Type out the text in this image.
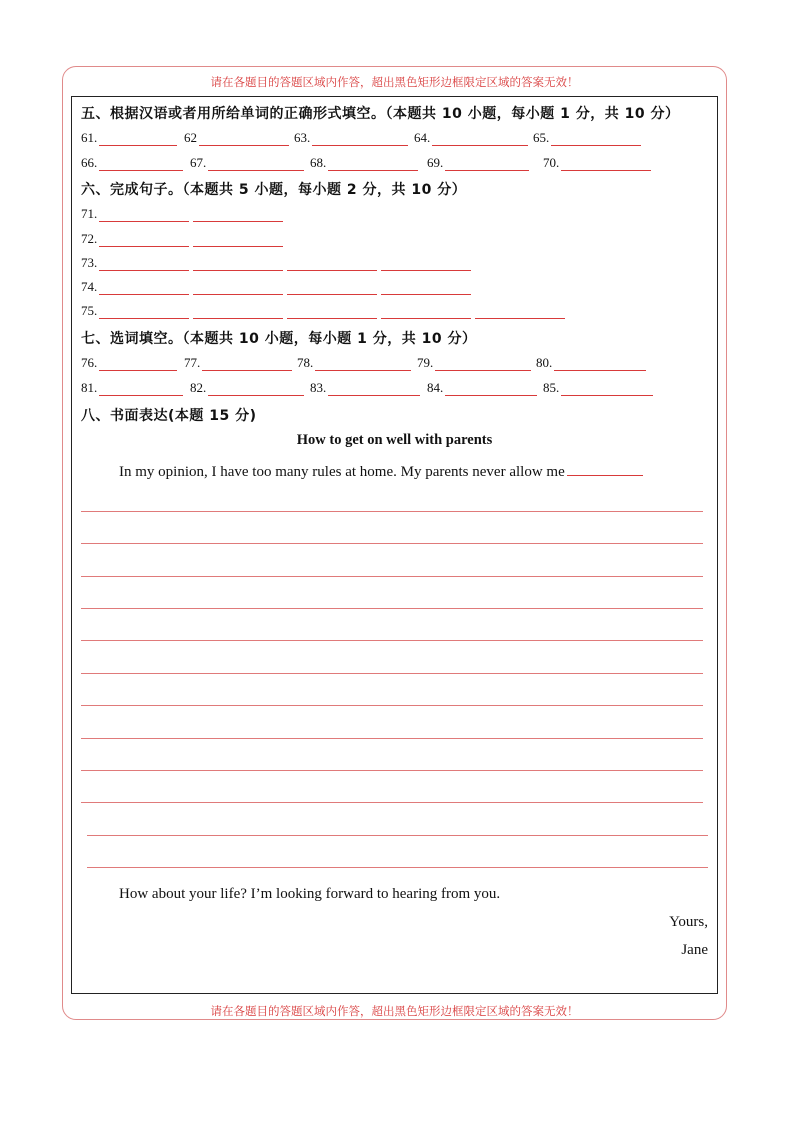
请在各题目的答题区域内作答，超出黑色矩形边框限定区域的答案无效！
五、根据汉语或者用所给单词的正确形式填空。（本题共 10 小题，每小题 1 分，共 10 分）
61.	62	63.	64.	65.
66.	67.	68.	69.	70.
六、完成句子。（本题共 5 小题，每小题 2 分，共 10 分）
71.
72.
73.
74.
75.
七、选词填空。（本题共 10 小题，每小题 1 分，共 10 分）
76.	77.	78.	79.	80.
81.	82.	83.	84.	85.
八、书面表达(本题 15 分)
How to get on well with parents
In my opinion, I have too many rules at home. My parents never allow me
How about your life? I’m looking forward to hearing from you.
Yours,
Jane
请在各题目的答题区域内作答，超出黑色矩形边框限定区域的答案无效！
